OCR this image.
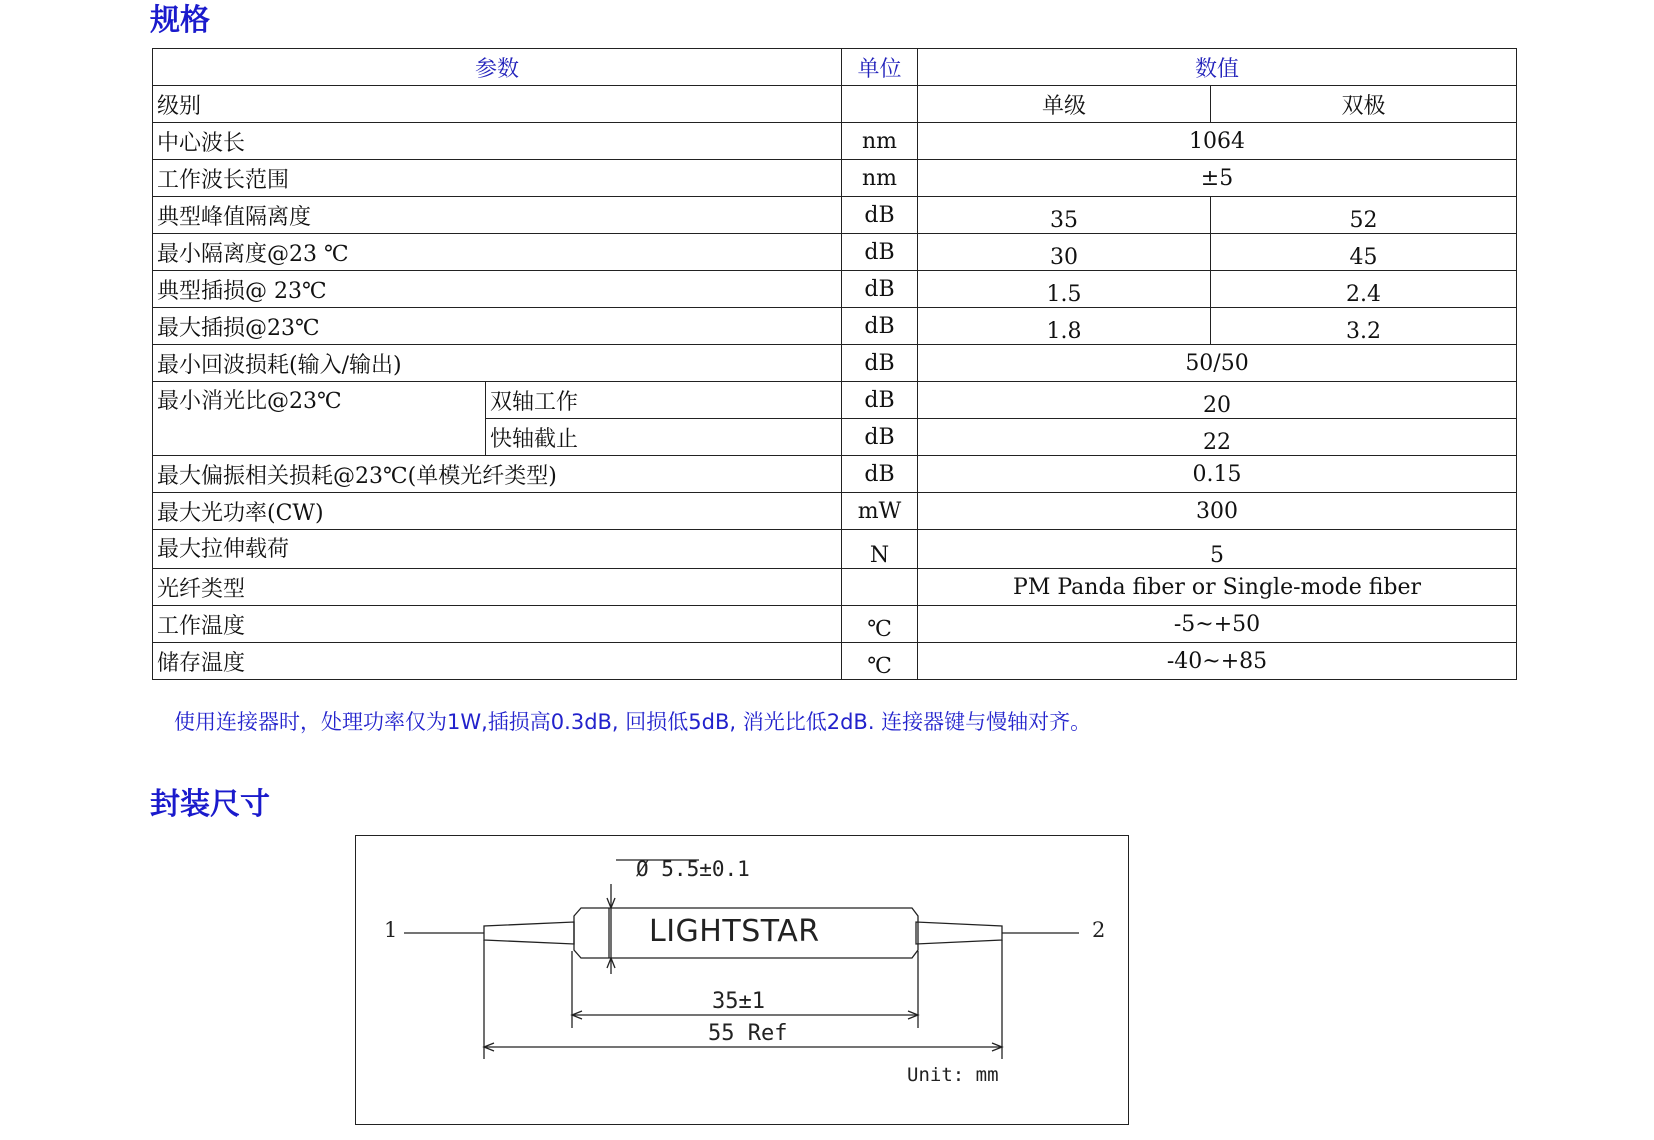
规格
参数		单位	数值	
级别			单级	双极
中心波长		nm	1064	
工作波长范围		nm	±5	
典型峰值隔离度		dB	35	52
最小隔离度@23 ℃		dB	30	45
典型插损@ 23℃		dB	1.5	2.4
最大插损@23℃		dB	1.8	3.2
最小回波损耗(输入/输出)		dB	50/50	
最小消光比@23℃	双轴工作	dB	20	
	快轴截止	dB	22	
最大偏振相关损耗@23℃(单模光纤类型)		dB	0.15	
最大光功率(CW)		mW	300	
最大拉伸载荷		N	5	
光纤类型			PM Panda fiber or Single-mode fiber	
工作温度		℃	-5~+50	
储存温度		℃	-40~+85	

使用连接器时，处理功率仅为1W,插损高0.3dB, 回损低5dB, 消光比低2dB. 连接器键与慢轴对齐。

封装尺寸
1	2
Ø 5.5±0.1
LIGHTSTAR
35±1
55 Ref
Unit: mm
